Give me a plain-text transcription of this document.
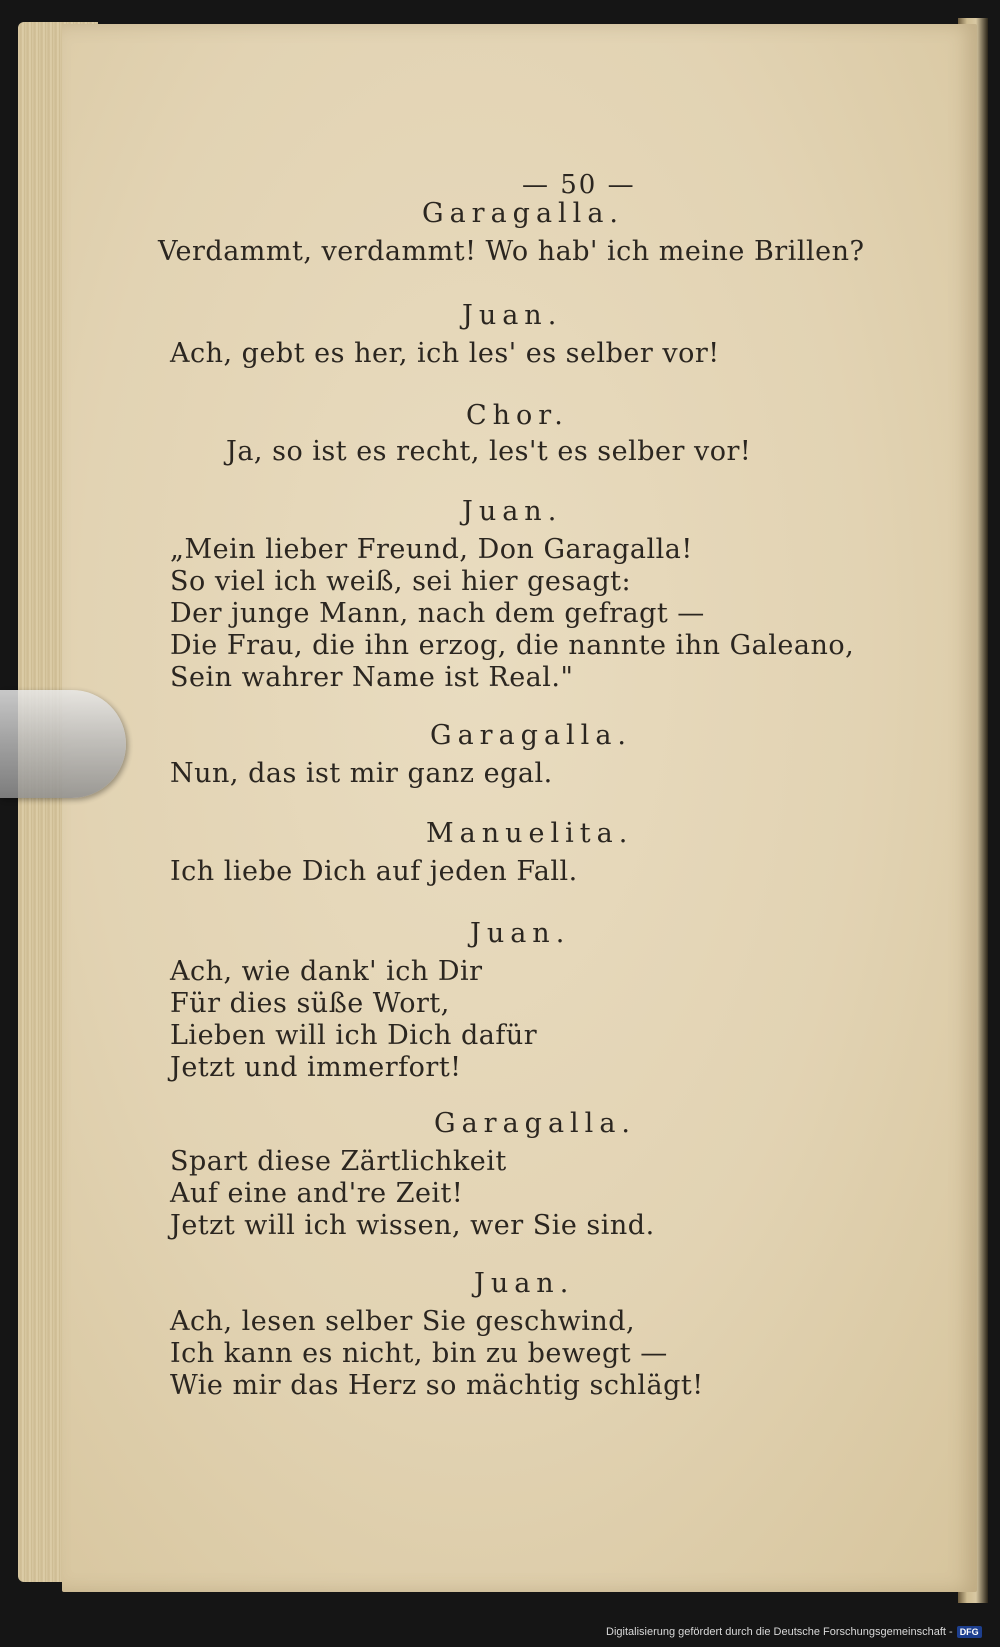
— 50 —
Garagalla.
Verdammt, verdammt! Wo hab' ich meine Brillen?
Juan.
Ach, gebt es her, ich les' es selber vor!
Chor.
Ja, so ist es recht, les't es selber vor!
Juan.
„Mein lieber Freund, Don Garagalla!
So viel ich weiß, sei hier gesagt:
Der junge Mann, nach dem gefragt —
Die Frau, die ihn erzog, die nannte ihn Galeano,
Sein wahrer Name ist Real."
Garagalla.
Nun, das ist mir ganz egal.
Manuelita.
Ich liebe Dich auf jeden Fall.
Juan.
Ach, wie dank' ich Dir
Für dies süße Wort,
Lieben will ich Dich dafür
Jetzt und immerfort!
Garagalla.
Spart diese Zärtlichkeit
Auf eine and're Zeit!
Jetzt will ich wissen, wer Sie sind.
Juan.
Ach, lesen selber Sie geschwind,
Ich kann es nicht, bin zu bewegt —
Wie mir das Herz so mächtig schlägt!
Digitalisierung gefördert durch die Deutsche Forschungsgemeinschaft - DFG
